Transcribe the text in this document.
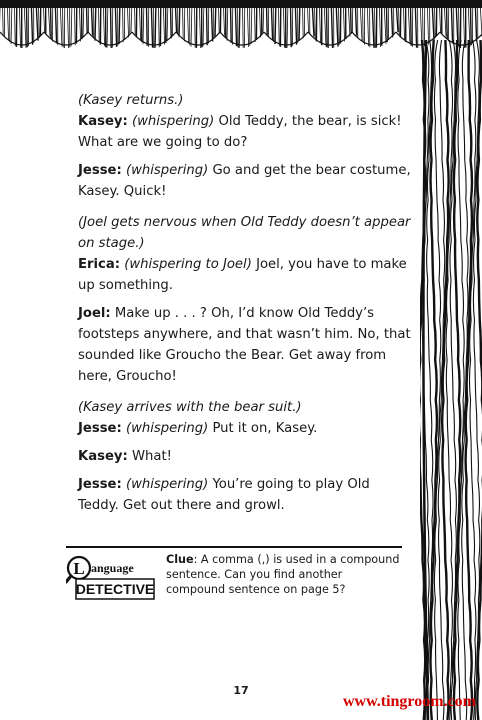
(Kasey returns.)

Kasey: (whispering) Old Teddy, the bear, is sick! What are we going to do?

Jesse: (whispering) Go and get the bear costume, Kasey. Quick!

(Joel gets nervous when Old Teddy doesn’t appear on stage.)

Erica: (whispering to Joel) Joel, you have to make up something.

Joel: Make up . . . ? Oh, I’d know Old Teddy’s footsteps anywhere, and that wasn’t him. No, that sounded like Groucho the Bear. Get away from here, Groucho!

(Kasey arrives with the bear suit.)

Jesse: (whispering) Put it on, Kasey.

Kasey: What!

Jesse: (whispering) You’re going to play Old Teddy. Get out there and growl.

L anguage
DETECTIVE
Clue: A comma (,) is used in a compound sentence. Can you find another compound sentence on page 5?
17
www.tingroom.com
